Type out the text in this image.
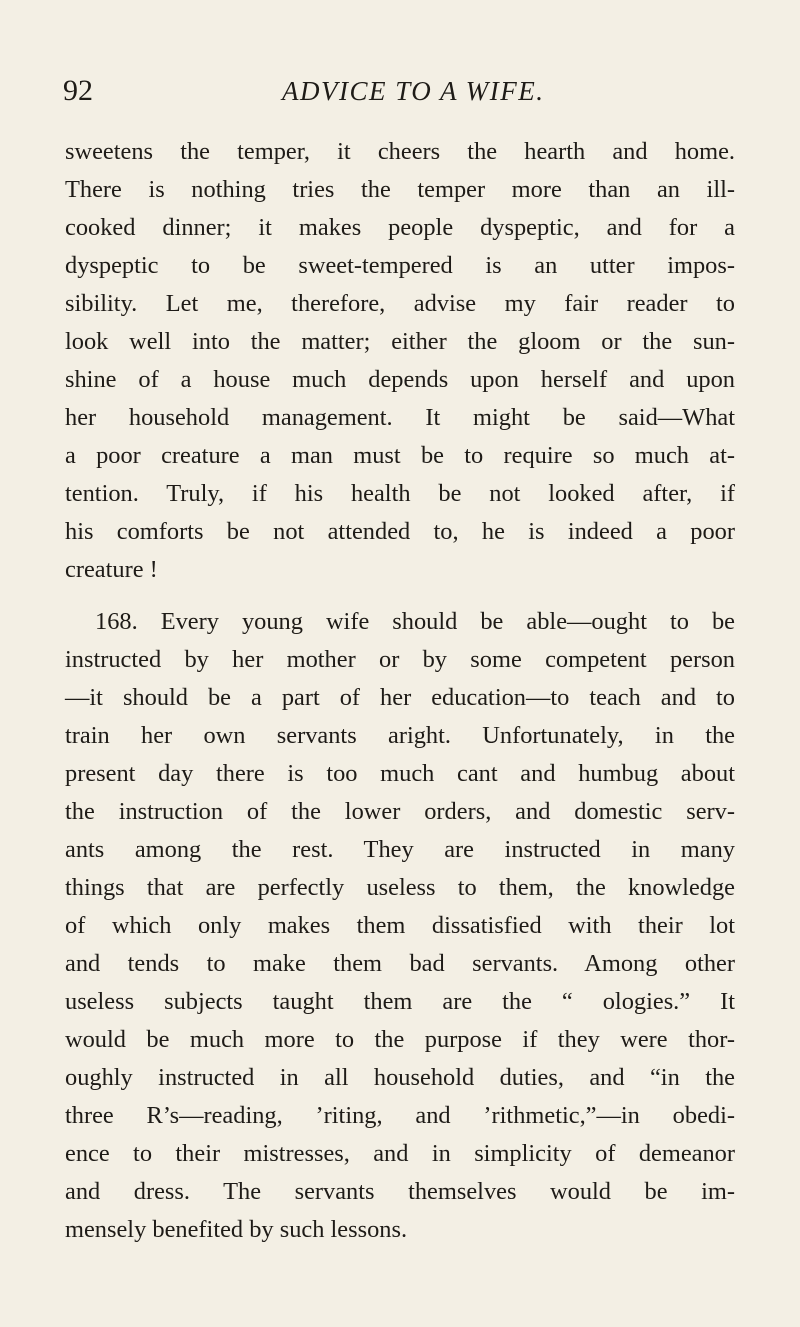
92	ADVICE TO A WIFE.
sweetens the temper, it cheers the hearth and home.
There is nothing tries the temper more than an ill-
cooked dinner; it makes people dyspeptic, and for a
dyspeptic to be sweet-tempered is an utter impos-
sibility. Let me, therefore, advise my fair reader to
look well into the matter; either the gloom or the sun-
shine of a house much depends upon herself and upon
her household management. It might be said—What
a poor creature a man must be to require so much at-
tention. Truly, if his health be not looked after, if
his comforts be not attended to, he is indeed a poor
creature !
168. Every young wife should be able—ought to be
instructed by her mother or by some competent person
—it should be a part of her education—to teach and to
train her own servants aright. Unfortunately, in the
present day there is too much cant and humbug about
the instruction of the lower orders, and domestic serv-
ants among the rest. They are instructed in many
things that are perfectly useless to them, the knowledge
of which only makes them dissatisfied with their lot
and tends to make them bad servants. Among other
useless subjects taught them are the “ ologies.” It
would be much more to the purpose if they were thor-
oughly instructed in all household duties, and “in the
three R’s—reading, ’riting, and ’rithmetic,”—in obedi-
ence to their mistresses, and in simplicity of demeanor
and dress. The servants themselves would be im-
mensely benefited by such lessons.
